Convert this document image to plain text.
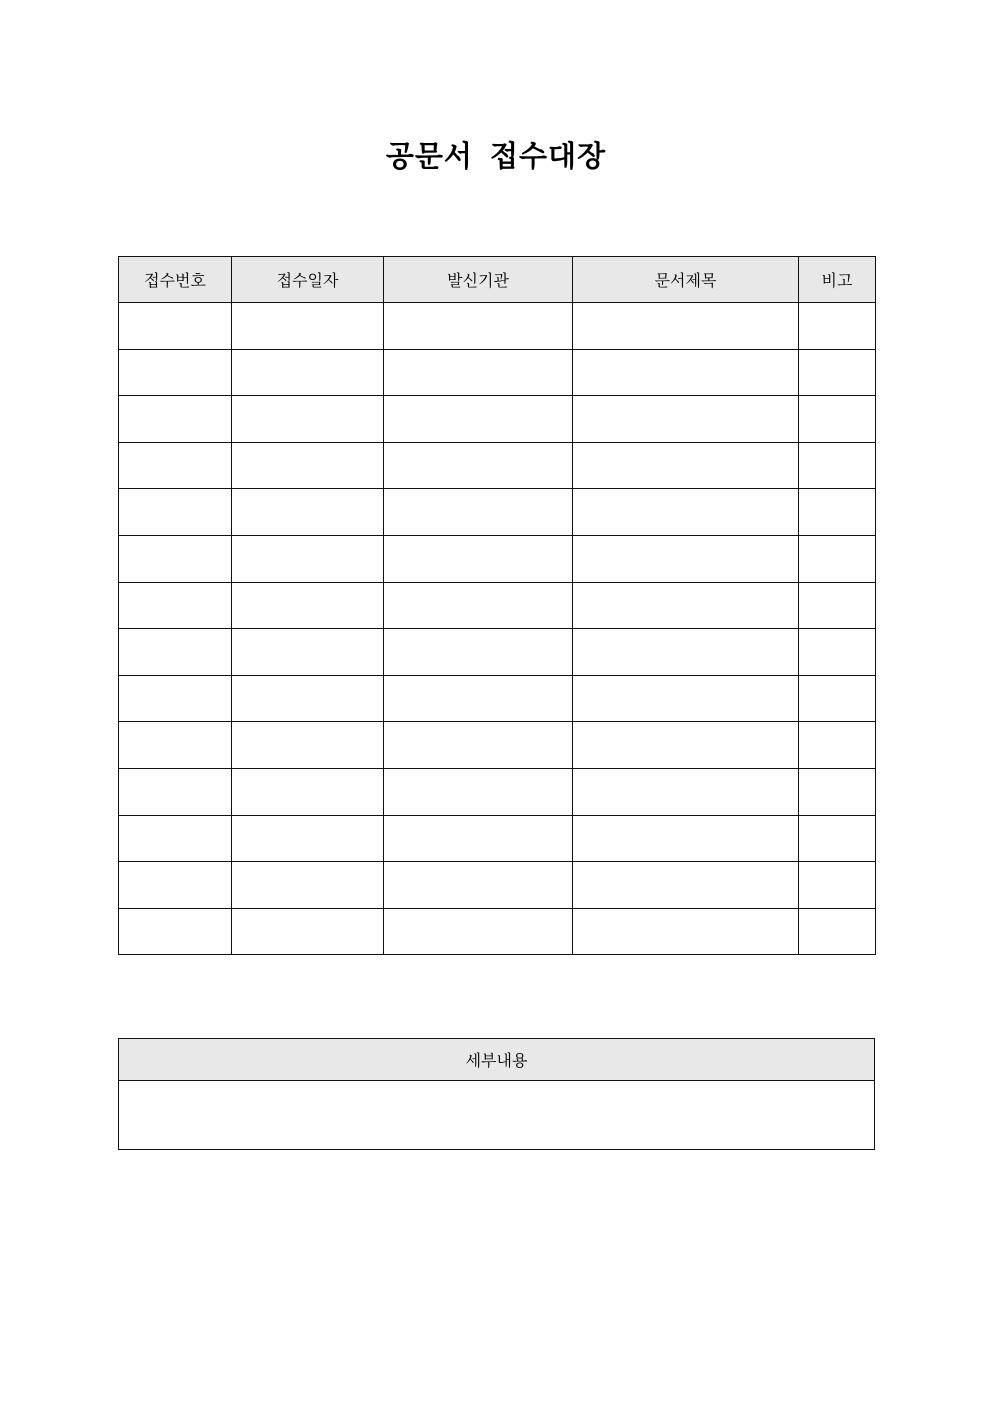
공문서 접수대장
접수번호	접수일자	발신기관	문서제목	비고

세부내용
